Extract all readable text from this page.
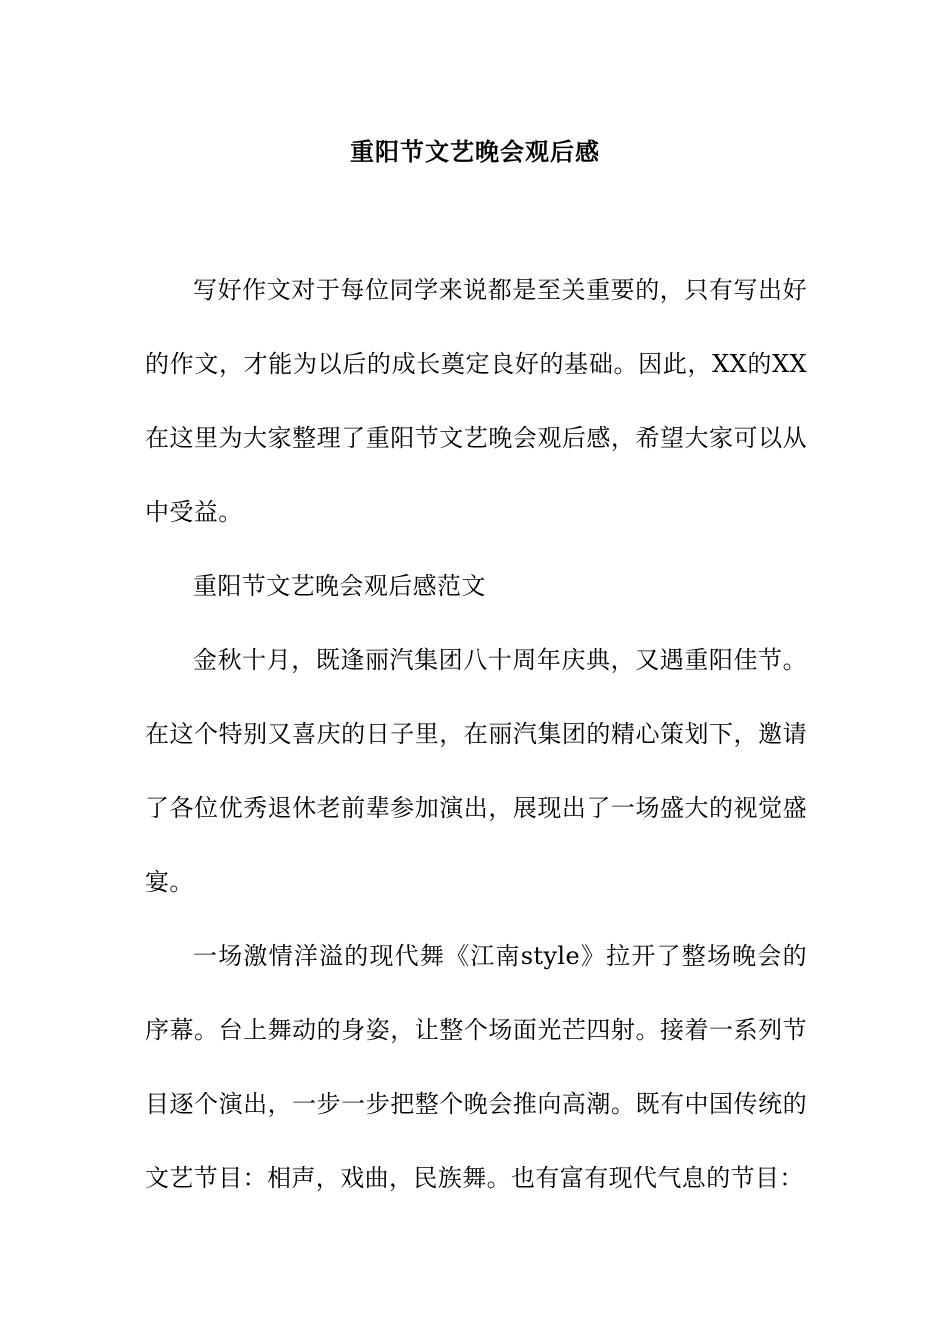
重阳节文艺晚会观后感

写好作文对于每位同学来说都是至关重要的，只有写出好的作文，才能为以后的成长奠定良好的基础。因此，XX的XX在这里为大家整理了重阳节文艺晚会观后感，希望大家可以从中受益。

重阳节文艺晚会观后感范文

金秋十月，既逢丽汽集团八十周年庆典，又遇重阳佳节。在这个特别又喜庆的日子里，在丽汽集团的精心策划下，邀请了各位优秀退休老前辈参加演出，展现出了一场盛大的视觉盛宴。

一场激情洋溢的现代舞《江南style》拉开了整场晚会的序幕。台上舞动的身姿，让整个场面光芒四射。接着一系列节目逐个演出，一步一步把整个晚会推向高潮。既有中国传统的文艺节目：相声，戏曲，民族舞。也有富有现代气息的节目：
